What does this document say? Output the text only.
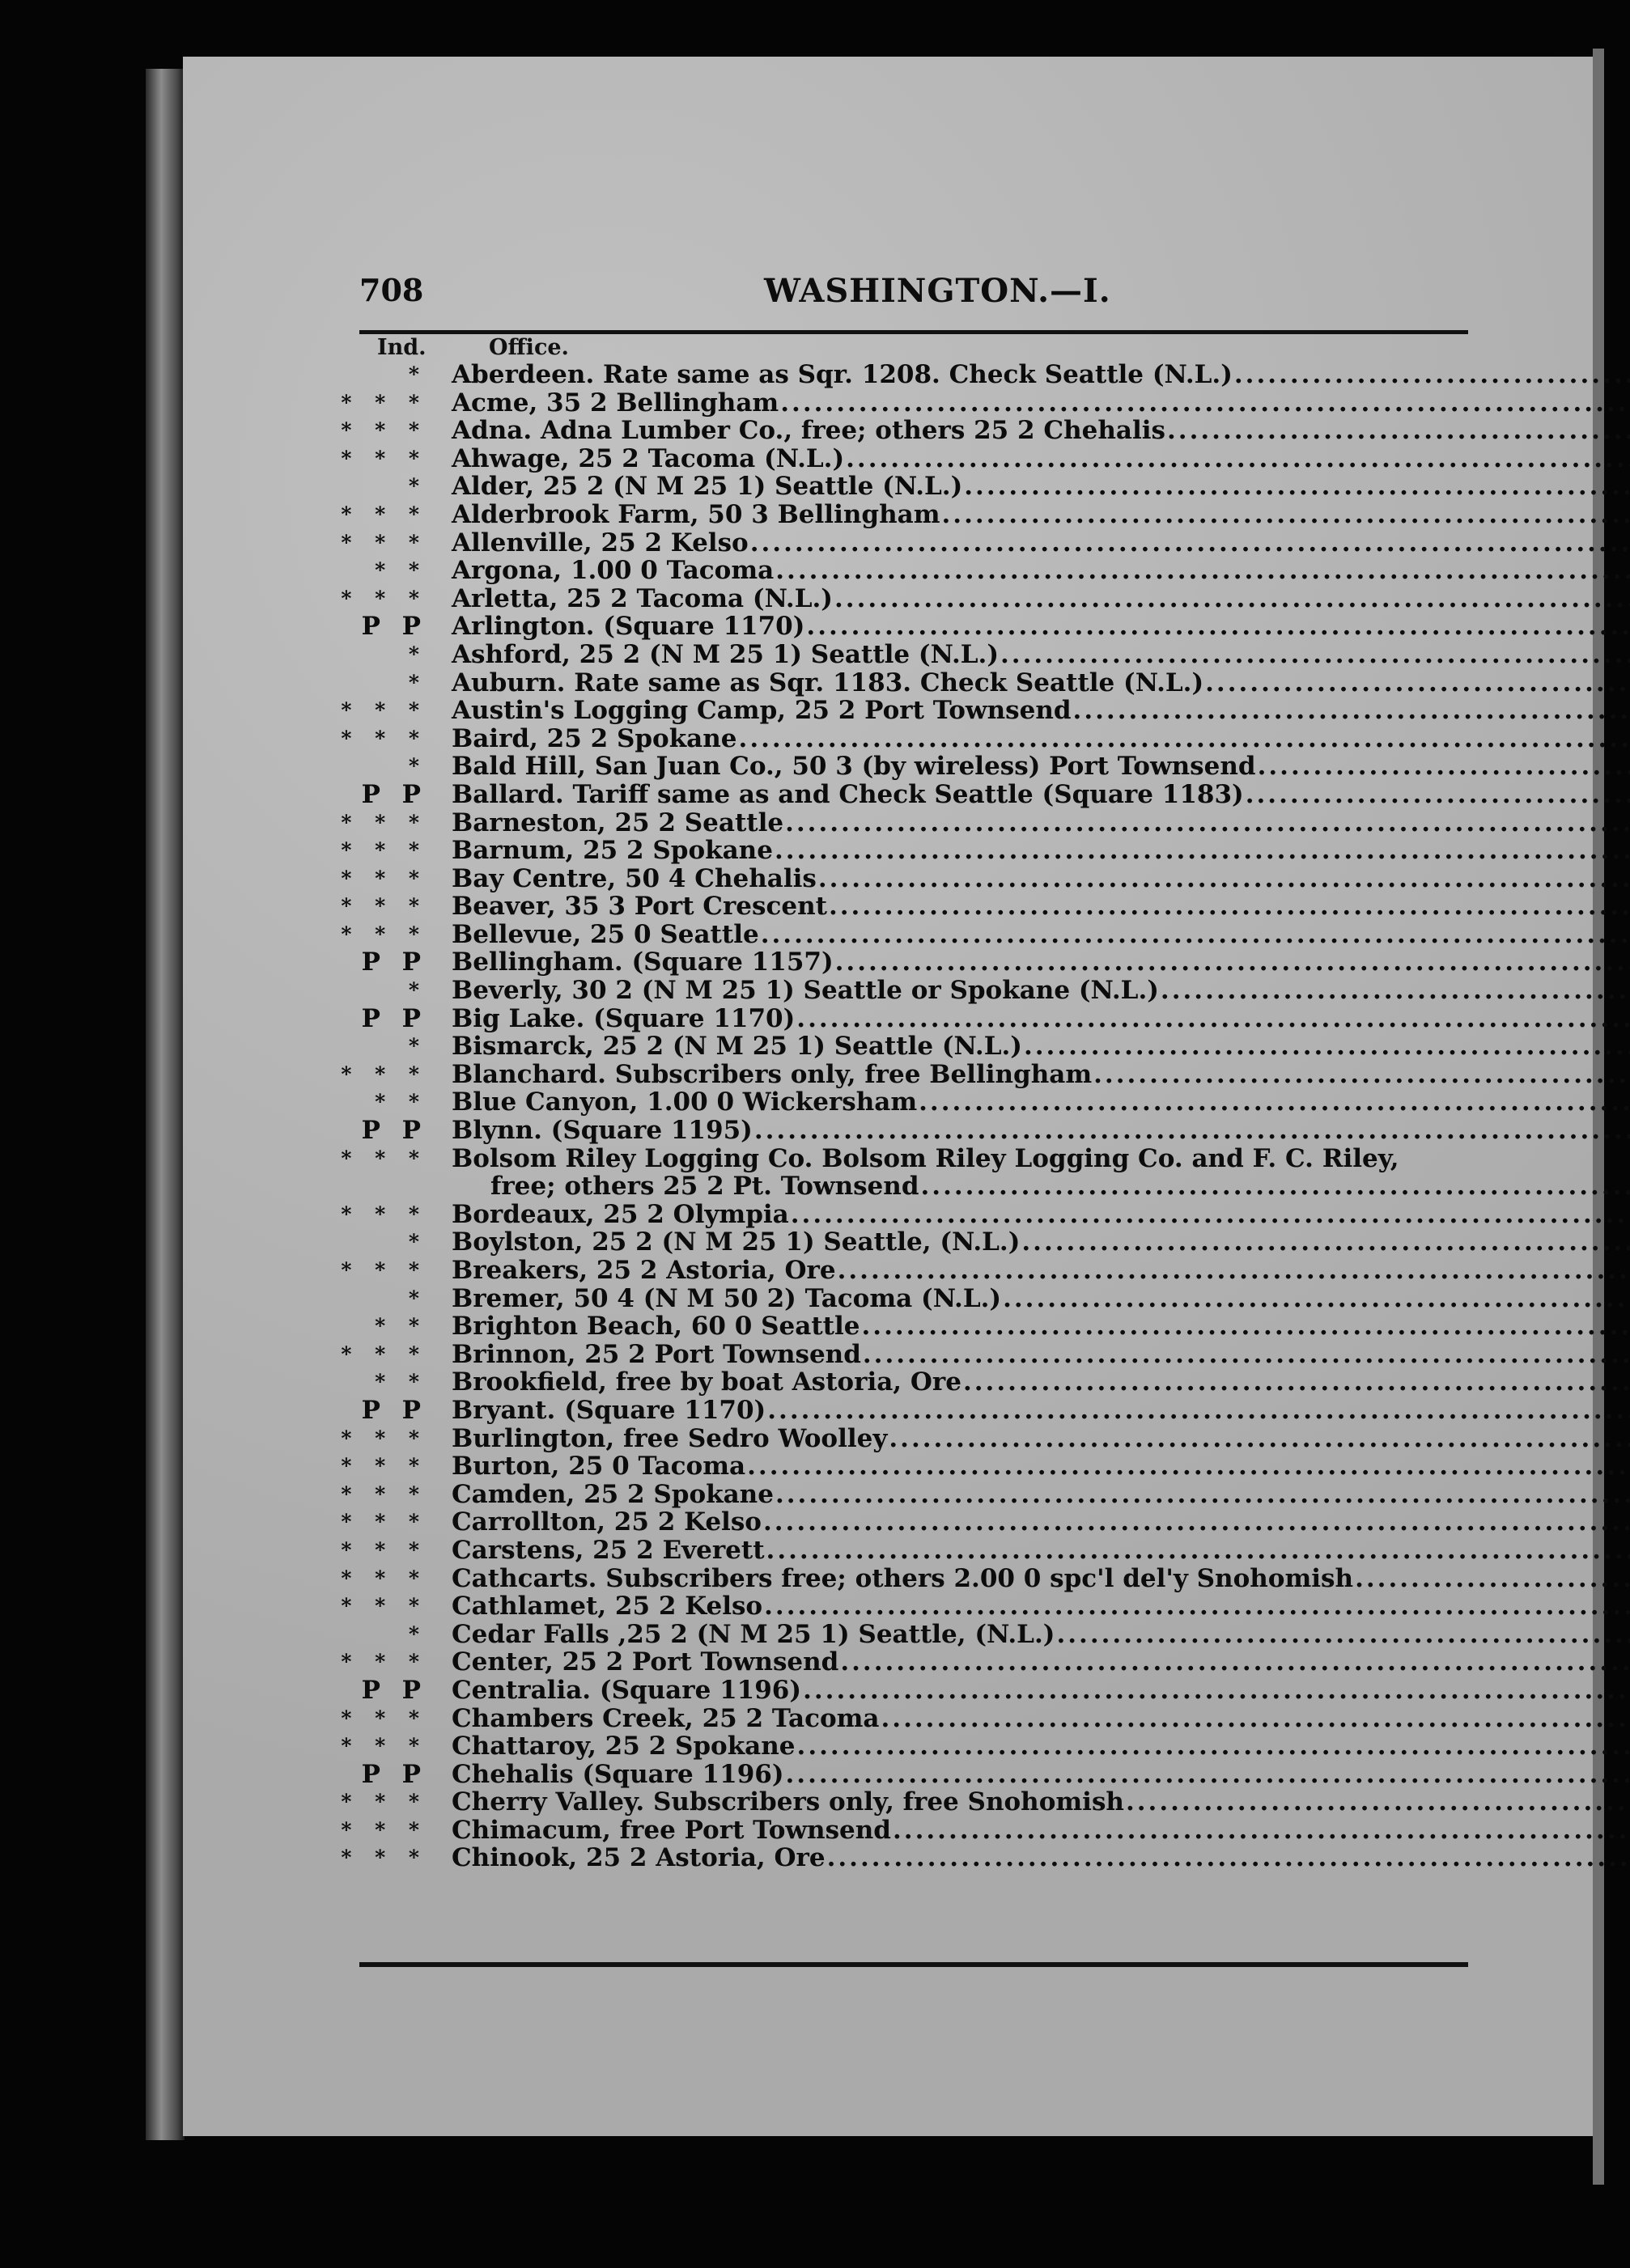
708	WASHINGTON.—I.
Ind.	Office.
* Aberdeen. Rate same as Sqr. 1208. Check Seattle (N.L.)
.....
* * * Acme, 35 2 Bellingham
.....
* * * Adna. Adna Lumber Co., free; others 25 2 Chehalis
.....
* * * Ahwage, 25 2 Tacoma (N.L.)
.....
* Alder, 25 2 (N M 25 1) Seattle (N.L.)
.....
* * * Alderbrook Farm, 50 3 Bellingham
.....
* * * Allenville, 25 2 Kelso
.....
* * Argona, 1.00 0 Tacoma
.....
* * * Arletta, 25 2 Tacoma (N.L.)
.....
P P Arlington. (Square 1170)
.....
* Ashford, 25 2 (N M 25 1) Seattle (N.L.)
.....
* Auburn. Rate same as Sqr. 1183. Check Seattle (N.L.)
.....
* * * Austin's Logging Camp, 25 2 Port Townsend
.....
* * * Baird, 25 2 Spokane
.....
* Bald Hill, San Juan Co., 50 3 (by wireless) Port Townsend
.....
P P Ballard. Tariff same as and Check Seattle (Square 1183)
.....
* * * Barneston, 25 2 Seattle
.....
* * * Barnum, 25 2 Spokane
.....
* * * Bay Centre, 50 4 Chehalis
.....
* * * Beaver, 35 3 Port Crescent
.....
* * * Bellevue, 25 0 Seattle
.....
P P Bellingham. (Square 1157)
.....
* Beverly, 30 2 (N M 25 1) Seattle or Spokane (N.L.)
.....
P P Big Lake. (Square 1170)
.....
* Bismarck, 25 2 (N M 25 1) Seattle (N.L.)
.....
* * * Blanchard. Subscribers only, free Bellingham
.....
* * Blue Canyon, 1.00 0 Wickersham
.....
P P Blynn. (Square 1195)
.....
* * * Bolsom Riley Logging Co. Bolsom Riley Logging Co. and F. C. Riley,
free; others 25 2 Pt. Townsend
.....
* * * Bordeaux, 25 2 Olympia
.....
* Boylston, 25 2 (N M 25 1) Seattle, (N.L.)
.....
* * * Breakers, 25 2 Astoria, Ore
.....
* Bremer, 50 4 (N M 50 2) Tacoma (N.L.)
.....
* * Brighton Beach, 60 0 Seattle
.....
* * * Brinnon, 25 2 Port Townsend
.....
* * Brookfield, free by boat Astoria, Ore
.....
P P Bryant. (Square 1170)
.....
* * * Burlington, free Sedro Woolley
.....
* * * Burton, 25 0 Tacoma
.....
* * * Camden, 25 2 Spokane
.....
* * * Carrollton, 25 2 Kelso
.....
* * * Carstens, 25 2 Everett
.....
* * * Cathcarts. Subscribers free; others 2.00 0 spc'l del'y Snohomish
.....
* * * Cathlamet, 25 2 Kelso
.....
* Cedar Falls ,25 2 (N M 25 1) Seattle, (N.L.)
.....
* * * Center, 25 2 Port Townsend
.....
P P Centralia. (Square 1196)
.....
* * * Chambers Creek, 25 2 Tacoma
.....
* * * Chattaroy, 25 2 Spokane
.....
P P Chehalis (Square 1196)
.....
* * * Cherry Valley. Subscribers only, free Snohomish
.....
* * * Chimacum, free Port Townsend
.....
* * * Chinook, 25 2 Astoria, Ore
.....
